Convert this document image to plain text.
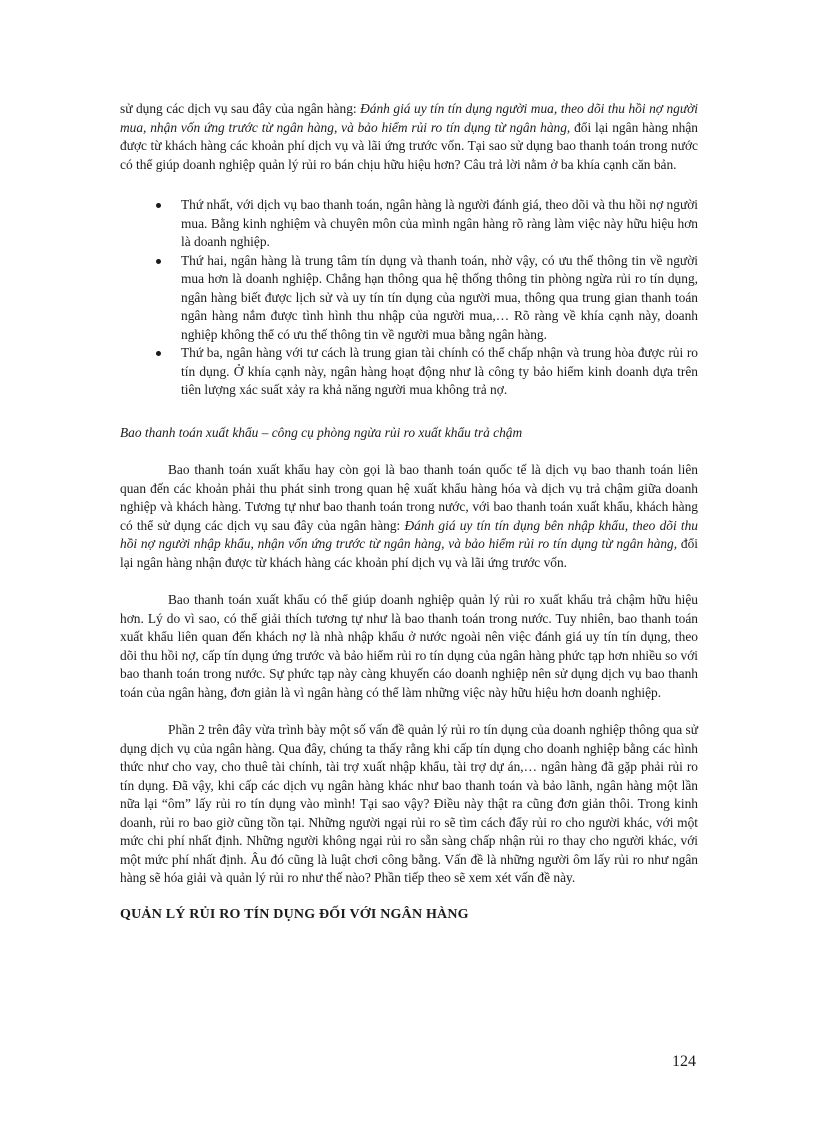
sử dụng các dịch vụ sau đây của ngân hàng: Đánh giá uy tín tín dụng người mua, theo dõi thu hồi nợ người mua, nhận vốn ứng trước từ ngân hàng, và bảo hiểm rủi ro tín dụng từ ngân hàng, đổi lại ngân hàng nhận được từ khách hàng các khoản phí dịch vụ và lãi ứng trước vốn. Tại sao sử dụng bao thanh toán trong nước có thể giúp doanh nghiệp quản lý rủi ro bán chịu hữu hiệu hơn? Câu trả lời nằm ở ba khía cạnh căn bản.

Thứ nhất, với dịch vụ bao thanh toán, ngân hàng là người đánh giá, theo dõi và thu hồi nợ người mua. Bằng kinh nghiệm và chuyên môn của mình ngân hàng rõ ràng làm việc này hữu hiệu hơn là doanh nghiệp.
Thứ hai, ngân hàng là trung tâm tín dụng và thanh toán, nhờ vậy, có ưu thế thông tin về người mua hơn là doanh nghiệp. Chẳng hạn thông qua hệ thống thông tin phòng ngừa rủi ro tín dụng, ngân hàng biết được lịch sử và uy tín tín dụng của người mua, thông qua trung gian thanh toán ngân hàng nắm được tình hình thu nhập của người mua,… Rõ ràng về khía cạnh này, doanh nghiệp không thể có ưu thế thông tin về người mua bằng ngân hàng.
Thứ ba, ngân hàng với tư cách là trung gian tài chính có thể chấp nhận và trung hòa được rủi ro tín dụng. Ở khía cạnh này, ngân hàng hoạt động như là công ty bảo hiểm kinh doanh dựa trên tiên lượng xác suất xảy ra khả năng người mua không trả nợ.

Bao thanh toán xuất khẩu – công cụ phòng ngừa rủi ro xuất khẩu trả chậm

Bao thanh toán xuất khẩu hay còn gọi là bao thanh toán quốc tế là dịch vụ bao thanh toán liên quan đến các khoản phải thu phát sinh trong quan hệ xuất khẩu hàng hóa và dịch vụ trả chậm giữa doanh nghiệp và khách hàng. Tương tự như bao thanh toán trong nước, với bao thanh toán xuất khẩu, khách hàng có thể sử dụng các dịch vụ sau đây của ngân hàng: Đánh giá uy tín tín dụng bên nhập khẩu, theo dõi thu hồi nợ người nhập khẩu, nhận vốn ứng trước từ ngân hàng, và bảo hiểm rủi ro tín dụng từ ngân hàng, đổi lại ngân hàng nhận được từ khách hàng các khoản phí dịch vụ và lãi ứng trước vốn.

Bao thanh toán xuất khẩu có thể giúp doanh nghiệp quản lý rủi ro xuất khẩu trả chậm hữu hiệu hơn. Lý do vì sao, có thể giải thích tương tự như là bao thanh toán trong nước. Tuy nhiên, bao thanh toán xuất khẩu liên quan đến khách nợ là nhà nhập khẩu ở nước ngoài nên việc đánh giá uy tín tín dụng, theo dõi thu hồi nợ, cấp tín dụng ứng trước và bảo hiểm rủi ro tín dụng của ngân hàng phức tạp hơn nhiều so với bao thanh toán trong nước. Sự phức tạp này càng khuyến cáo doanh nghiệp nên sử dụng dịch vụ bao thanh toán của ngân hàng, đơn giản là vì ngân hàng có thể làm những việc này hữu hiệu hơn doanh nghiệp.

Phần 2 trên đây vừa trình bày một số vấn đề quản lý rủi ro tín dụng của doanh nghiệp thông qua sử dụng dịch vụ của ngân hàng. Qua đây, chúng ta thấy rằng khi cấp tín dụng cho doanh nghiệp bằng các hình thức như cho vay, cho thuê tài chính, tài trợ xuất nhập khẩu, tài trợ dự án,… ngân hàng đã gặp phải rủi ro tín dụng. Đã vậy, khi cấp các dịch vụ ngân hàng khác như bao thanh toán và bảo lãnh, ngân hàng một lần nữa lại “ôm” lấy rủi ro tín dụng vào mình! Tại sao vậy? Điều này thật ra cũng đơn giản thôi. Trong kinh doanh, rủi ro bao giờ cũng tồn tại. Những người ngại rủi ro sẽ tìm cách đẩy rủi ro cho người khác, với một mức chi phí nhất định. Những người không ngại rủi ro sẵn sàng chấp nhận rủi ro thay cho người khác, với một mức phí nhất định. Âu đó cũng là luật chơi công bằng. Vấn đề là những người ôm lấy rủi ro như ngân hàng sẽ hóa giải và quản lý rủi ro như thế nào? Phần tiếp theo sẽ xem xét vấn đề này.

QUẢN LÝ RỦI RO TÍN DỤNG ĐỐI VỚI NGÂN HÀNG

124
